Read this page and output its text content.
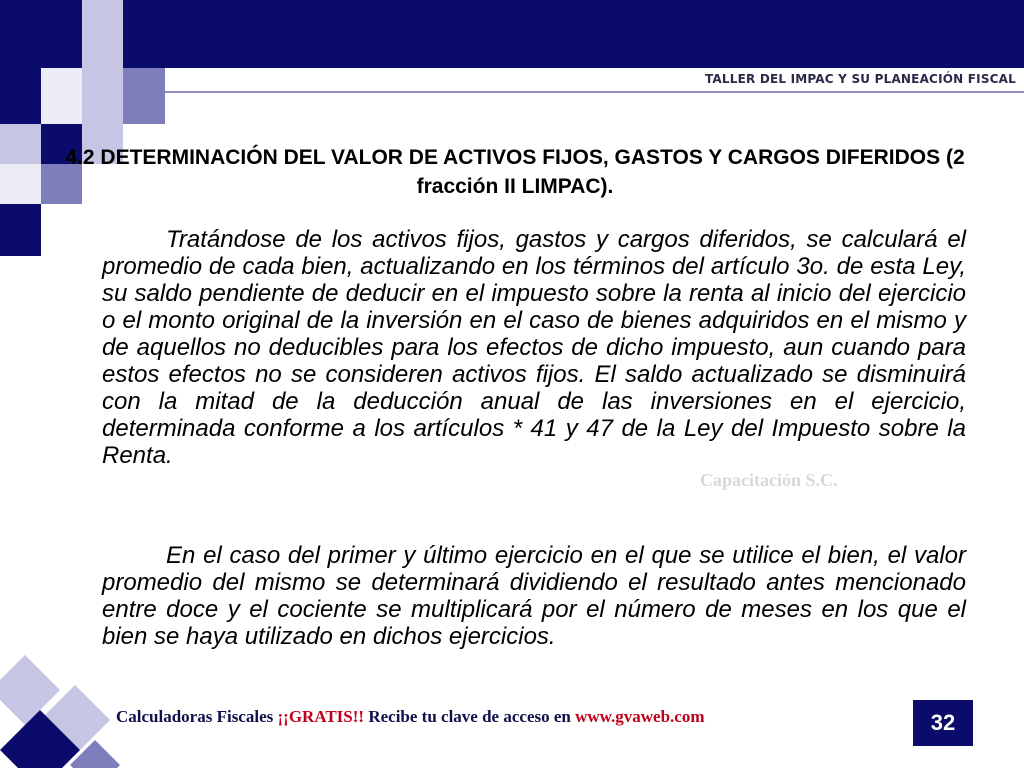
TALLER DEL IMPAC Y SU PLANEACIÓN FISCAL
4.2 DETERMINACIÓN DEL VALOR DE ACTIVOS FIJOS, GASTOS Y CARGOS DIFERIDOS (2 fracción II LIMPAC).
Capacitación S.C.

Tratándose de los activos fijos, gastos y cargos diferidos, se calculará el promedio de cada bien, actualizando en los términos del artículo 3o. de esta Ley, su saldo pendiente de deducir en el impuesto sobre la renta al inicio del ejercicio o el monto original de la inversión en el caso de bienes adquiridos en el mismo y de aquellos no deducibles para los efectos de dicho impuesto, aun cuando para estos efectos no se consideren activos fijos. El saldo actualizado se disminuirá con la mitad de la deducción anual de las inversiones en el ejercicio, determinada conforme a los artículos * 41 y 47 de la Ley del Impuesto sobre la Renta.

En el caso del primer y último ejercicio en el que se utilice el bien, el valor promedio del mismo se determinará dividiendo el resultado antes mencionado entre doce y el cociente se multiplicará por el número de meses en los que el bien se haya utilizado en dichos ejercicios.

Calculadoras Fiscales ¡¡GRATIS!! Recibe tu clave de acceso en www.gvaweb.com	32
